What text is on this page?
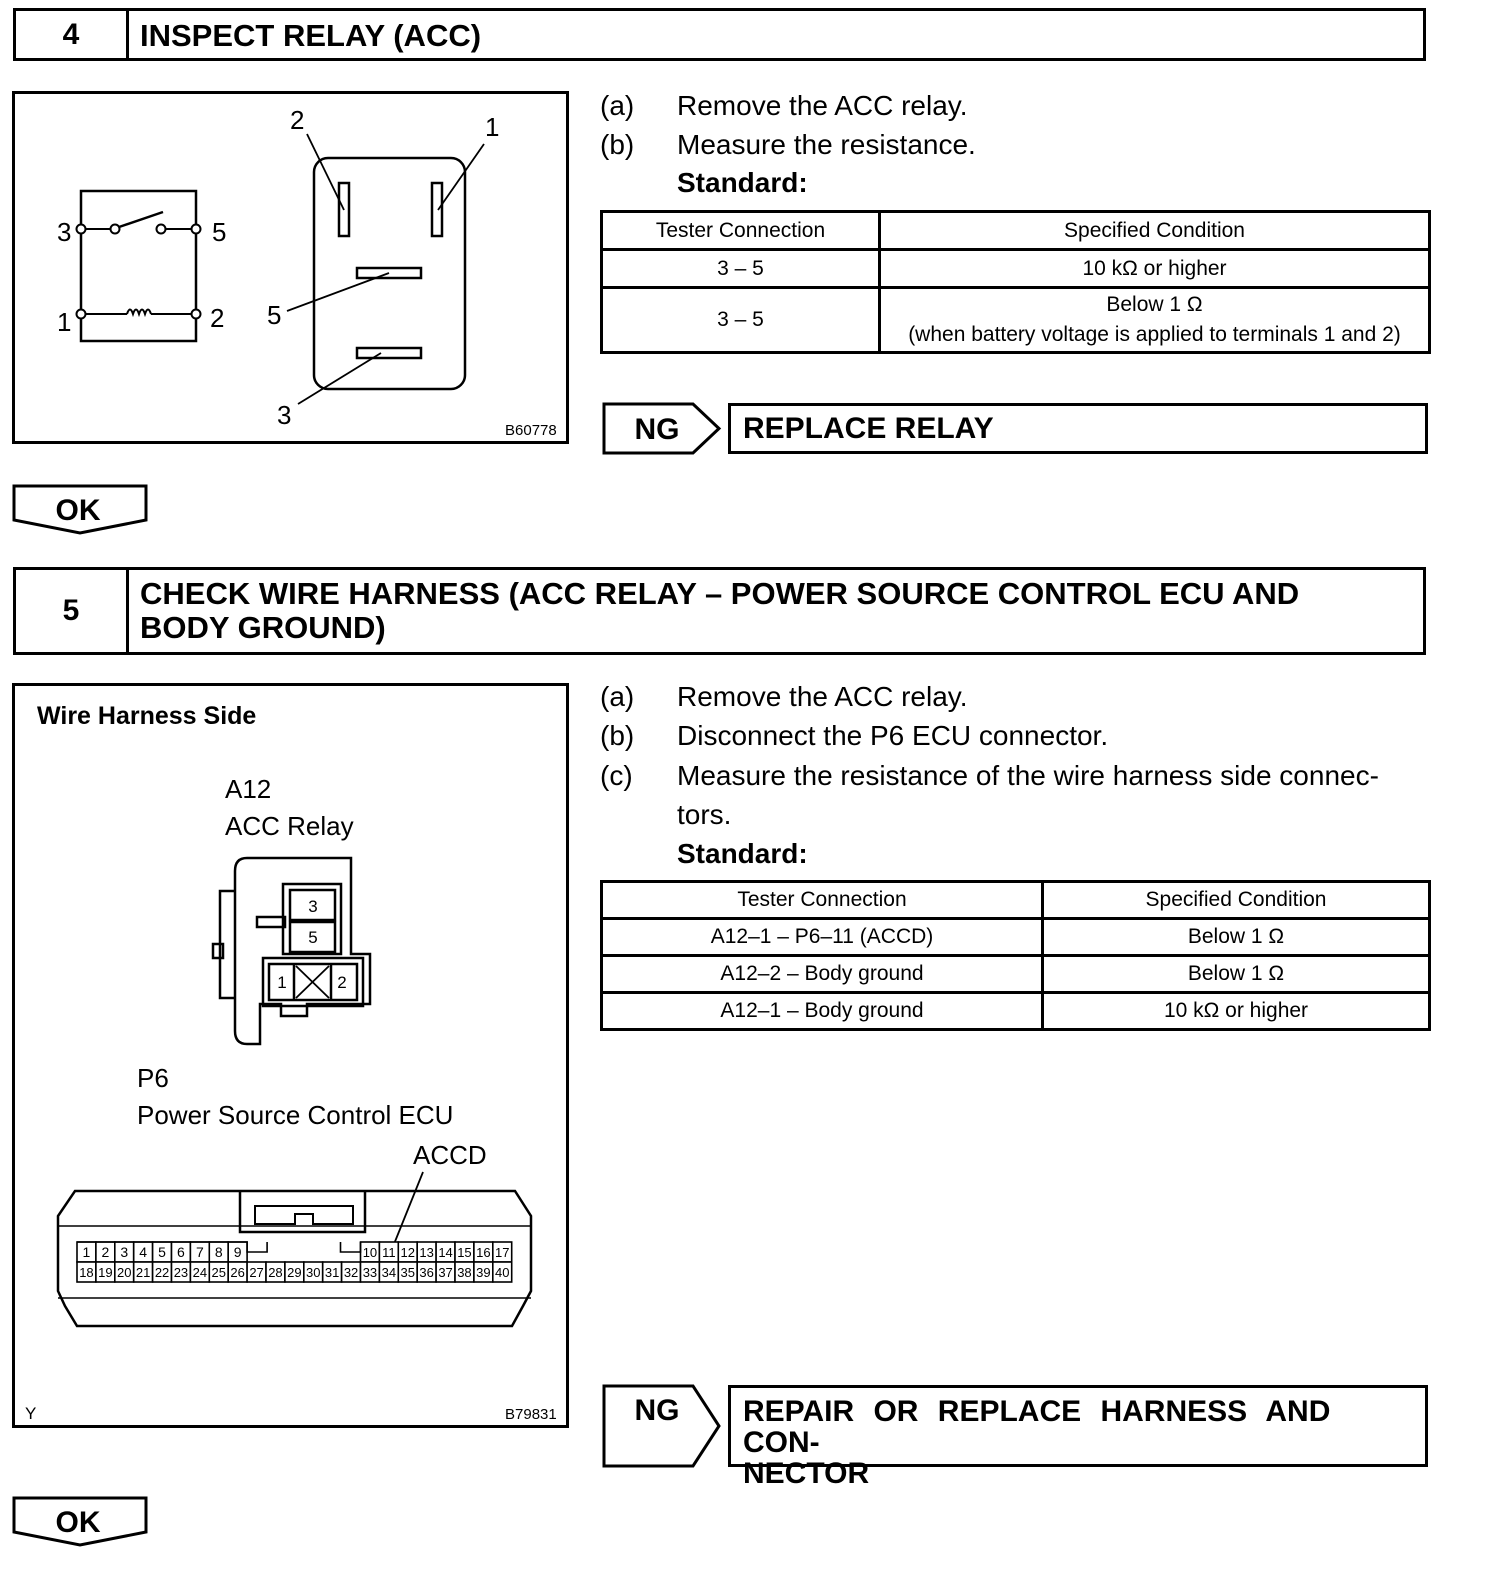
4	INSPECT RELAY (ACC)
3	5
1	2
2	1
5
3
B60778
(a)	Remove the ACC relay.
(b)	Measure the resistance.
Standard:
Tester Connection	Specified Condition
3 – 5	10 kΩ or higher
3 – 5	Below 1 Ω
(when battery voltage is applied to terminals 1 and 2)
NG	REPLACE RELAY
OK
5	CHECK WIRE HARNESS (ACC RELAY – POWER SOURCE CONTROL ECU AND
BODY GROUND)
Wire Harness Side
A12
ACC Relay
3
5
1	2
P6
Power Source Control ECU
ACCD
1 2 3 4 5 6 7 8 9	10 11 12 13 14 15 16 17
18 19 20 21 22 23 24 25 26 27 28 29 30 31 32 33 34 35 36 37 38 39 40
Y	B79831
(a)	Remove the ACC relay.
(b)	Disconnect the P6 ECU connector.
(c)	Measure the resistance of the wire harness side connec-
tors.
Standard:
Tester Connection	Specified Condition
A12–1 – P6–11 (ACCD)	Below 1 Ω
A12–2 – Body ground	Below 1 Ω
A12–1 – Body ground	10 kΩ or higher
NG REPAIR OR REPLACE HARNESS AND CON-
NECTOR
OK
